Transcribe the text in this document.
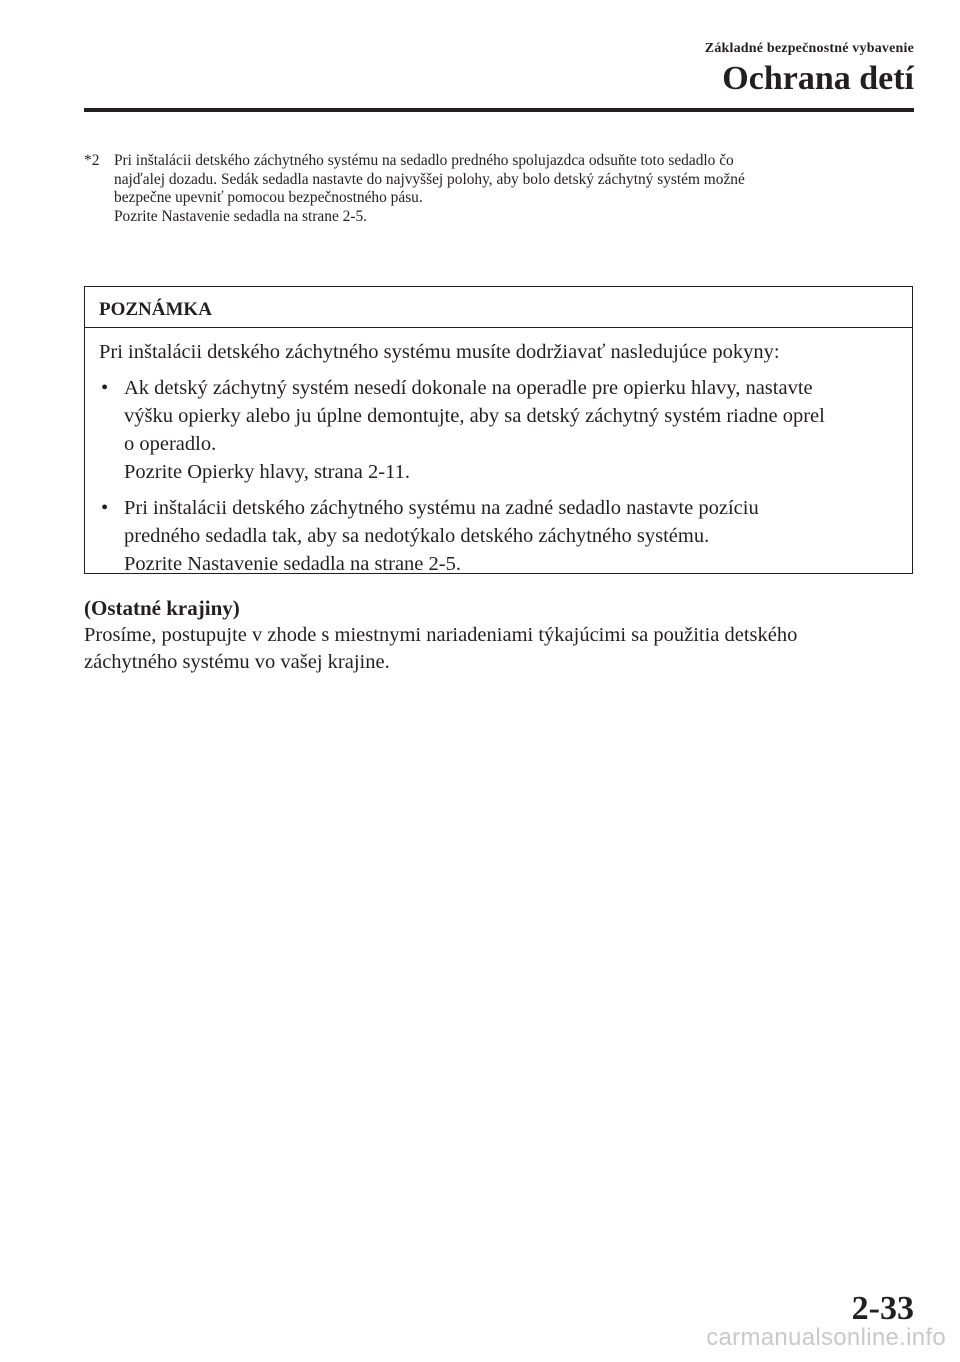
Základné bezpečnostné vybavenie
Ochrana detí
*2 Pri inštalácii detského záchytného systému na sedadlo predného spolujazdca odsuňte toto sedadlo čo
najďalej dozadu. Sedák sedadla nastavte do najvyššej polohy, aby bolo detský záchytný systém možné
bezpečne upevniť pomocou bezpečnostného pásu.
Pozrite Nastavenie sedadla na strane 2-5.
POZNÁMKA
Pri inštalácii detského záchytného systému musíte dodržiavať nasledujúce pokyny:
• Ak detský záchytný systém nesedí dokonale na operadle pre opierku hlavy, nastavte
výšku opierky alebo ju úplne demontujte, aby sa detský záchytný systém riadne oprel
o operadlo.
Pozrite Opierky hlavy, strana 2-11.
• Pri inštalácii detského záchytného systému na zadné sedadlo nastavte pozíciu
predného sedadla tak, aby sa nedotýkalo detského záchytného systému.
Pozrite Nastavenie sedadla na strane 2-5.
(Ostatné krajiny)
Prosíme, postupujte v zhode s miestnymi nariadeniami týkajúcimi sa použitia detského
záchytného systému vo vašej krajine.
2-33
carmanualsonline.info
